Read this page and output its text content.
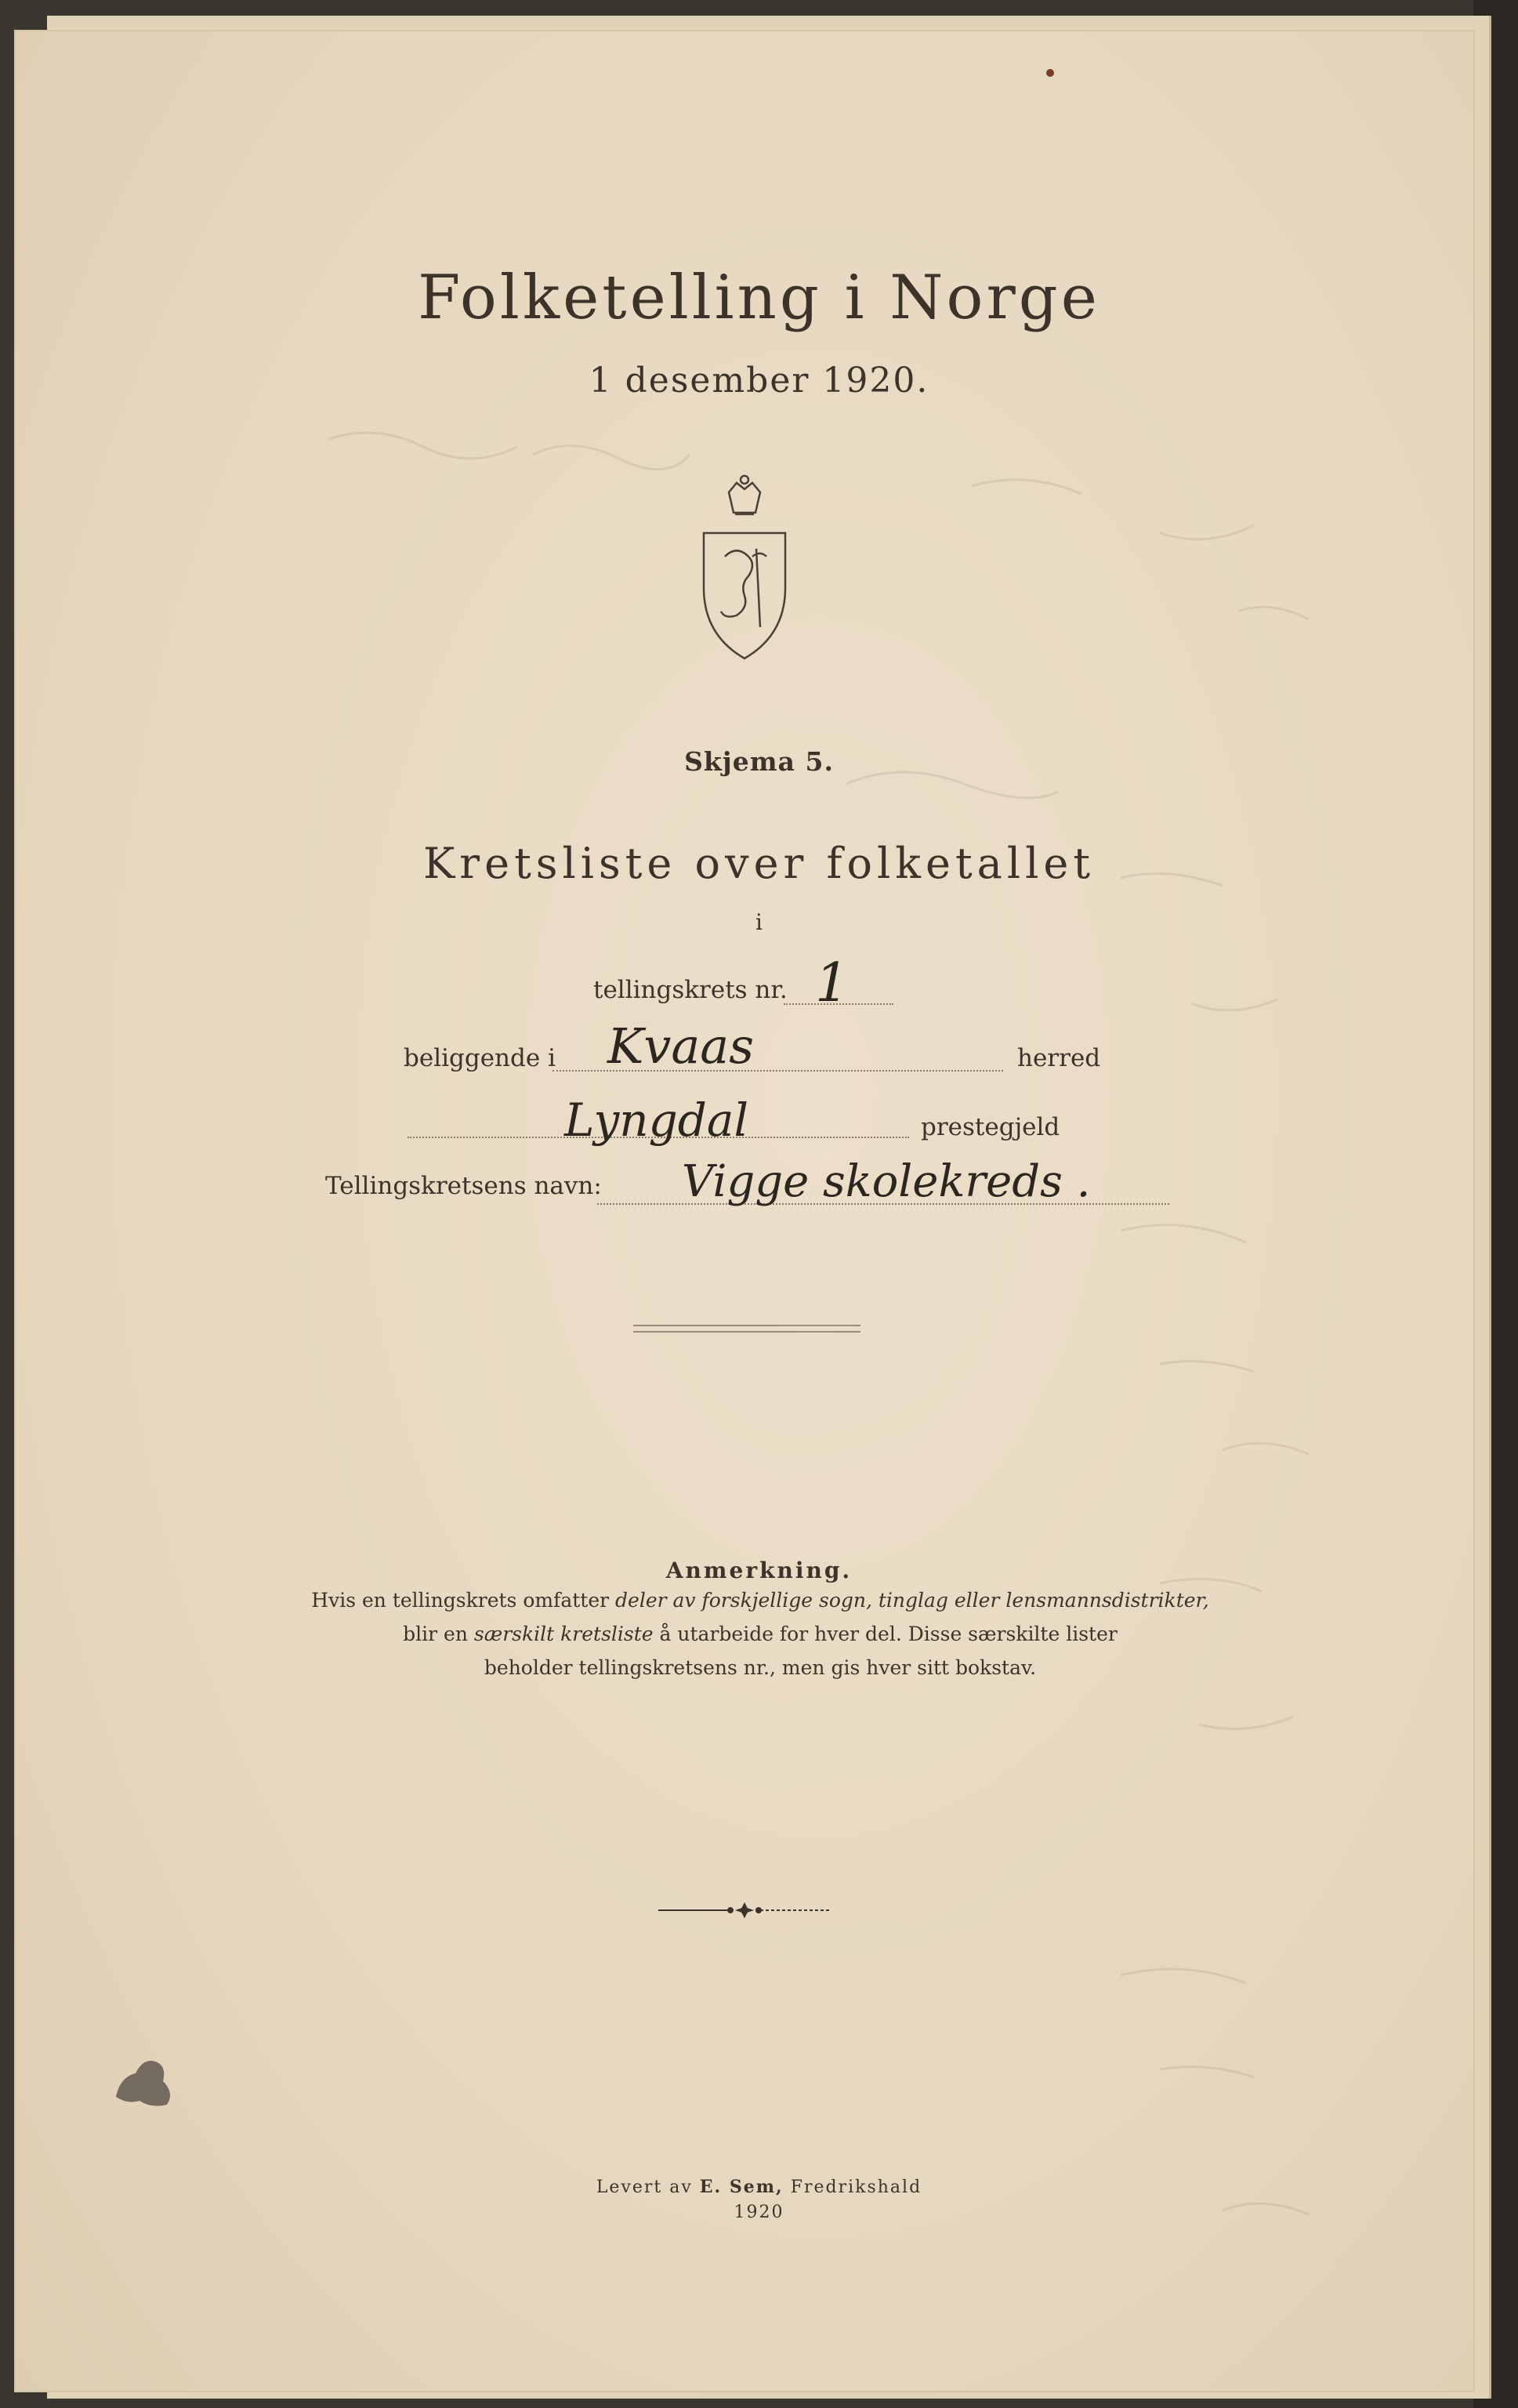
Folketelling i Norge
1 desember 1920.
Skjema 5.
Kretsliste over folketallet
i
tellingskrets nr. 1
beliggende i Kvaas	herred
Lyngdal	prestegjeld
Tellingskretsens navn: Vigge skolekreds .
Anmerkning.
Hvis en tellingskrets omfatter deler av forskjellige sogn, tinglag eller lensmannsdistrikter,
blir en særskilt kretsliste å utarbeide for hver del. Disse særskilte lister
beholder tellingskretsens nr., men gis hver sitt bokstav.
Levert av E. Sem, Fredrikshald
1920
